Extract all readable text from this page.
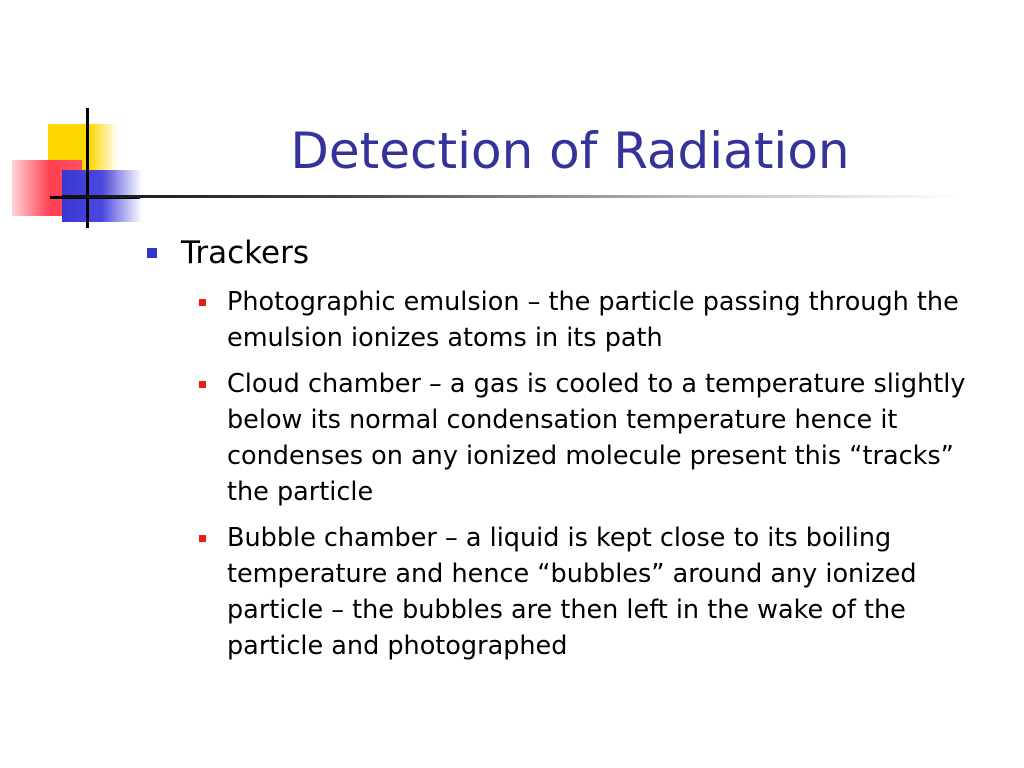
Detection of Radiation
Trackers
Photographic emulsion – the particle passing through the emulsion ionizes atoms in its path
Cloud chamber – a gas is cooled to a temperature slightly below its normal condensation temperature hence it condenses on any ionized molecule present this “tracks” the particle
Bubble chamber – a liquid is kept close to its boiling temperature and hence “bubbles” around any ionized particle – the bubbles are then left in the wake of the particle and photographed
